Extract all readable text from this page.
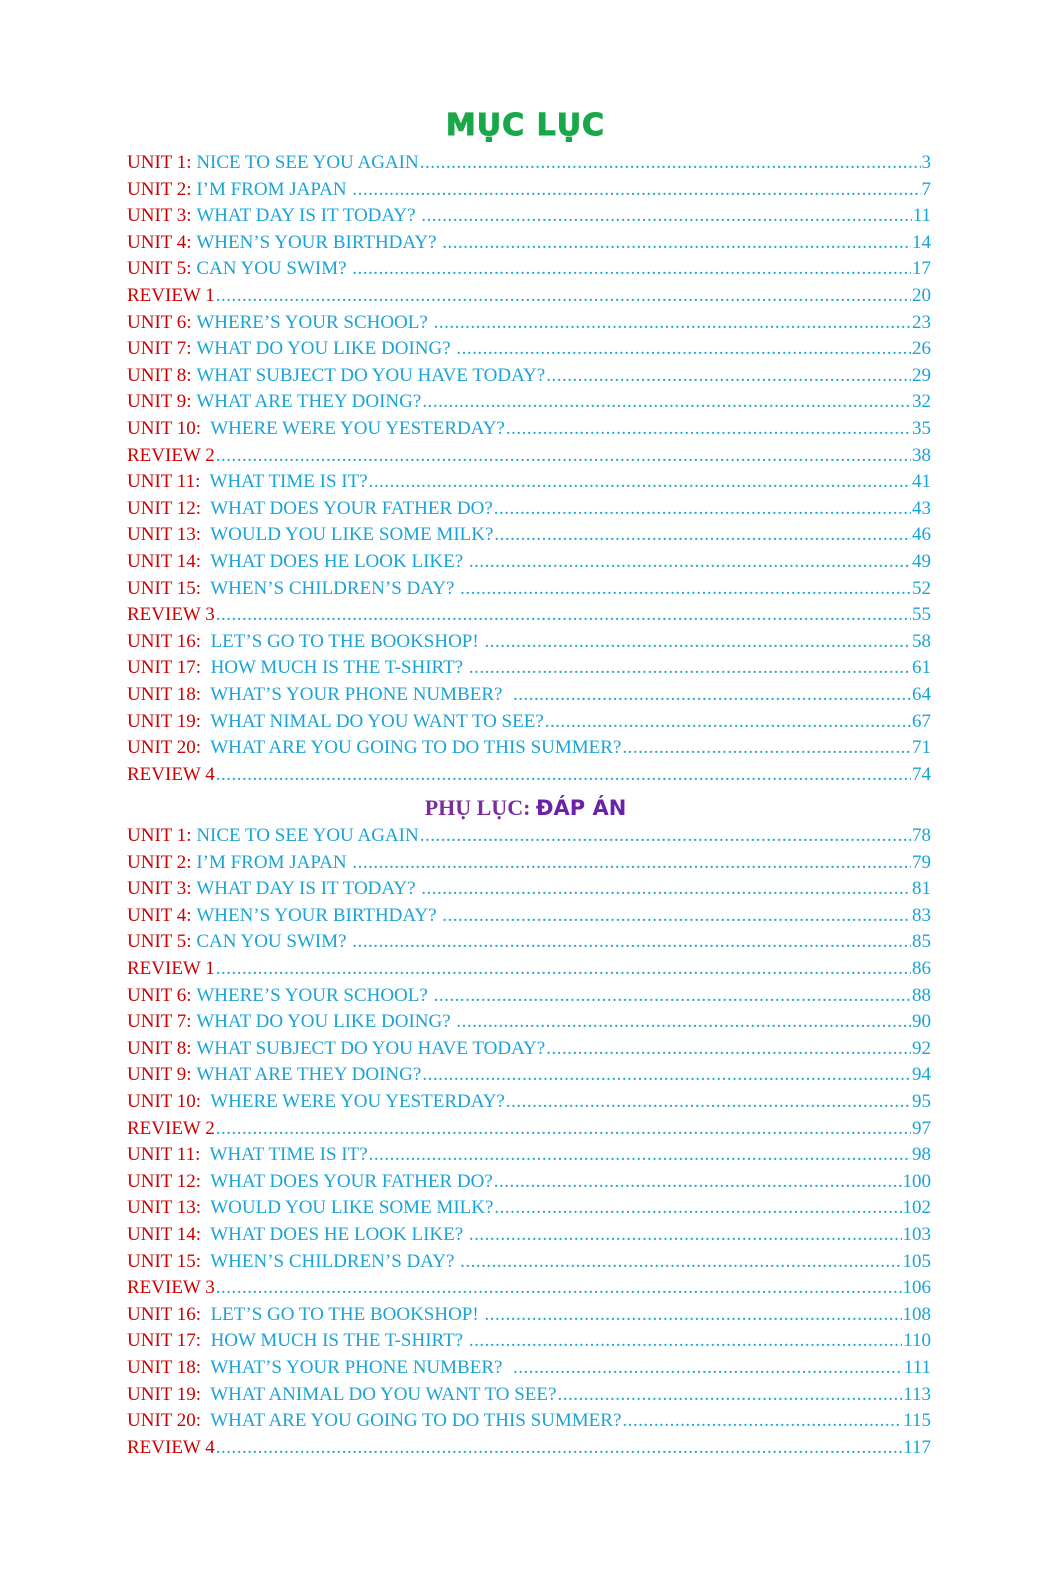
MỤC LỤC
UNIT 1: NICE TO SEE YOU AGAIN .....	3
UNIT 2: I’M FROM JAPAN .....	7
UNIT 3: WHAT DAY IS IT TODAY? .....	11
UNIT 4: WHEN’S YOUR BIRTHDAY? .....	14
UNIT 5: CAN YOU SWIM? .....	17
REVIEW 1 .....	20
UNIT 6: WHERE’S YOUR SCHOOL? .....	23
UNIT 7: WHAT DO YOU LIKE DOING? .....	26
UNIT 8: WHAT SUBJECT DO YOU HAVE TODAY? .....	29
UNIT 9: WHAT ARE THEY DOING? .....	32
UNIT 10: WHERE WERE YOU YESTERDAY? .....	35
REVIEW 2 .....	38
UNIT 11: WHAT TIME IS IT? .....	41
UNIT 12: WHAT DOES YOUR FATHER DO? .....	43
UNIT 13: WOULD YOU LIKE SOME MILK? .....	46
UNIT 14: WHAT DOES HE LOOK LIKE? .....	49
UNIT 15: WHEN’S CHILDREN’S DAY? .....	52
REVIEW 3 .....	55
UNIT 16: LET’S GO TO THE BOOKSHOP! .....	58
UNIT 17: HOW MUCH IS THE T-SHIRT? .....	61
UNIT 18: WHAT’S YOUR PHONE NUMBER? .....	64
UNIT 19: WHAT NIMAL DO YOU WANT TO SEE? .....	67
UNIT 20: WHAT ARE YOU GOING TO DO THIS SUMMER? .....	71
REVIEW 4 .....	74
PHỤ LỤC: ĐÁP ÁN
UNIT 1: NICE TO SEE YOU AGAIN .....	78
UNIT 2: I’M FROM JAPAN .....	79
UNIT 3: WHAT DAY IS IT TODAY? .....	81
UNIT 4: WHEN’S YOUR BIRTHDAY? .....	83
UNIT 5: CAN YOU SWIM? .....	85
REVIEW 1 .....	86
UNIT 6: WHERE’S YOUR SCHOOL? .....	88
UNIT 7: WHAT DO YOU LIKE DOING? .....	90
UNIT 8: WHAT SUBJECT DO YOU HAVE TODAY? .....	92
UNIT 9: WHAT ARE THEY DOING? .....	94
UNIT 10: WHERE WERE YOU YESTERDAY? .....	95
REVIEW 2 .....	97
UNIT 11: WHAT TIME IS IT? .....	98
UNIT 12: WHAT DOES YOUR FATHER DO? .....	100
UNIT 13: WOULD YOU LIKE SOME MILK? .....	102
UNIT 14: WHAT DOES HE LOOK LIKE? .....	103
UNIT 15: WHEN’S CHILDREN’S DAY? .....	105
REVIEW 3 .....	106
UNIT 16: LET’S GO TO THE BOOKSHOP! .....	108
UNIT 17: HOW MUCH IS THE T-SHIRT? .....	110
UNIT 18: WHAT’S YOUR PHONE NUMBER? .....	111
UNIT 19: WHAT ANIMAL DO YOU WANT TO SEE? .....	113
UNIT 20: WHAT ARE YOU GOING TO DO THIS SUMMER? .....	115
REVIEW 4 .....	117
